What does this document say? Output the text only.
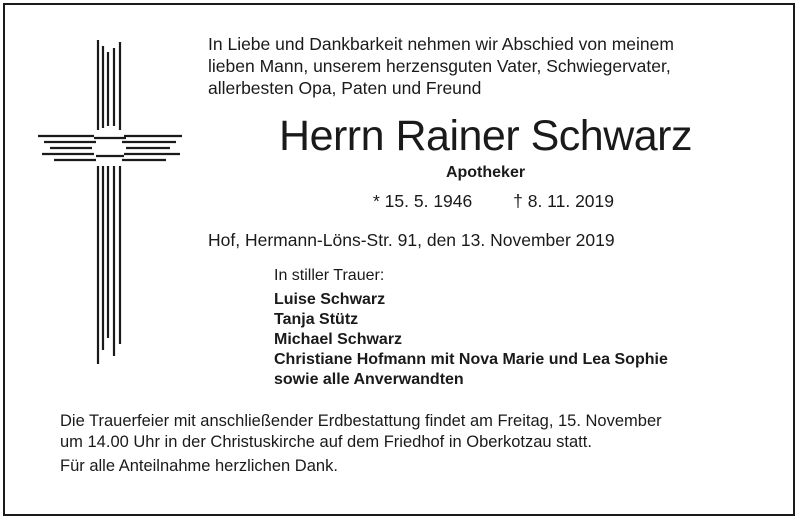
In Liebe und Dankbarkeit nehmen wir Abschied von meinem
lieben Mann, unserem herzensguten Vater, Schwiegervater,
allerbesten Opa, Paten und Freund
Herrn Rainer Schwarz
Apotheker
* 15. 5. 1946 † 8. 11. 2019
Hof, Hermann-Löns-Str. 91, den 13. November 2019
In stiller Trauer:
Luise Schwarz
Tanja Stütz
Michael Schwarz
Christiane Hofmann mit Nova Marie und Lea Sophie
sowie alle Anverwandten
Die Trauerfeier mit anschließender Erdbestattung findet am Freitag, 15. November
um 14.00 Uhr in der Christuskirche auf dem Friedhof in Oberkotzau statt.
Für alle Anteilnahme herzlichen Dank.
